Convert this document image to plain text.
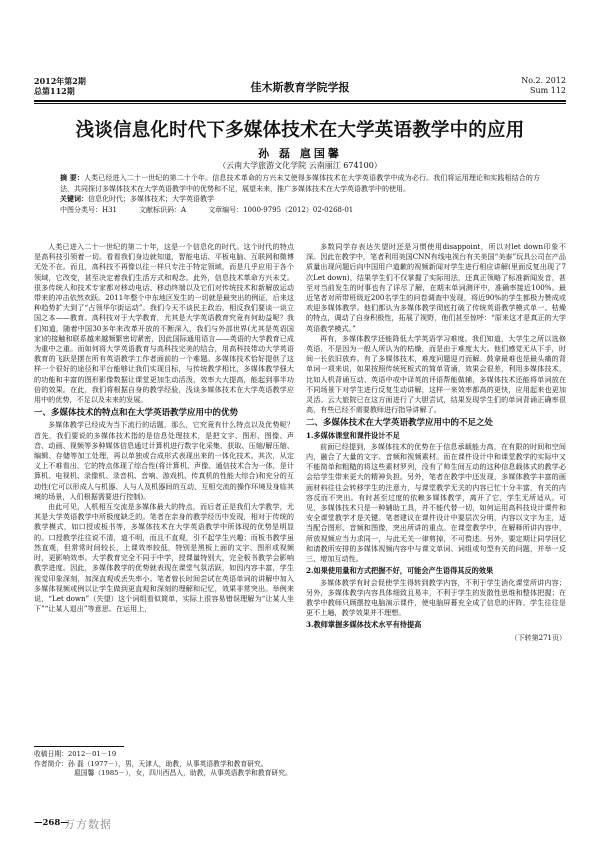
2012年第2期
总第112期	佳木斯教育学院学报
No.2. 2012
Sum 112
浅谈信息化时代下多媒体技术在大学英语教学中的应用
孙 磊 扈国馨
（云南大学旅游文化学院 云南丽江 674100）

摘 要：人类已经进入二十一世纪的第二十个年。信息技术革命的方兴未艾使得多媒体技术在大学英语教学中成为必行。我们将运用理论和实践相结合的方法，共同探讨多媒体技术在大学英语教学中的优势和不足，展望未来，推广多媒体技术在大学英语教学中的使用。

关键词：信息化时代；多媒体技术；大学英语教学

中图分类号：H31	文献标识码：A	文章编号：1000-9795（2012）02-0268-01

人类已进入二十一世纪的第二十年，这是一个信息化的时代。这个时代的特点是高科技引领着一切。看看我们身边就知道，智能电话、平板电脑、互联网和微博无处不在。而且，高科技不再像以往一样只专注于特定领域，而是几乎应用于各个领域，它改变，甚至决定着我们生活方式和观念。此外，信息技术革命方兴未艾。很多传统人和技术专家都对移动电话、移动终端以及它们对传统技术和新解放运动带来的冲击依然欢跃。2011年整个中东地区发生的一切就是最突出的例证，后来这种趋势扩大到了“占领华尔街运动”。我们今天不谈民主政治，相反我们要谈一谈立国之本——教育。高科技对于大学教育，尤其是大学英语教育究竟有何助益呢？我们知道，随着中国30多年来改革开放的不断深入，我们与外部世界(尤其是英语国家)的接触和联系越来越频繁密切紧密，因此国际通用语言——英语的大学教育已成为重中之重。而如何将大学英语教育与高科技完美的结合，用高科技带动大学英语教育的飞跃是摆在所有英语教学工作者面前的一个难题。多媒体技术恰好提供了这样一个很好的途径和平台能够让我们实现目标，与传统教学相比，多媒体教学强大的功能和丰富的图形影像数据让课堂更加生动活泼，效率大大提高，能起到事半功倍的效果。在此，我们将根据自身的教学经验，浅谈多媒体技术在大学英语教学应用中的优势，不足以及未来的发展。

一、多媒体技术的特点和在大学英语教学应用中的优势

多媒体教学已经成为当下流行的话题，那么，它究竟有什么特点以及优势呢？首先，我们要说的多媒体技术指的是信息处理技术，是把文字、图形、图像、声音、动画、视频等多种媒体信息通过计算机进行数字化采集、获取、压缩/解压缩、编辑、存储等加工处理，再以单独或合成形式表现出来的一体化技术。其次，从定义上不难看出，它的特点体现了综合性(将计算机、声像、通信技术合为一体，是计算机、电视机、录像机、录音机、音响、游戏机、传真机的性能大综合)和充分的互动性(它可以形成人与机器、人与人及机器间的互动，互相交流的操作环境及身临其境的场景，人们根据需要进行控制)。

由此可见，人机相互交流是多媒体最大的特点，而后者正是我们大学教学，尤其是大学英语教学中所极度缺乏的。笔者在亲身的教学经历中发现，相对于传统的教学模式，如口授或板书等，多媒体技术在大学英语教学中所体现的优势是明显的。口授教学往往说不清，道不明，而且不直观，引不起学生兴趣；而板书教学虽然直观，但常常时间较长，上课效率较低，特别是黑板上面的文字、图形或视频时，更影响效率。大学教育完全不同于中学，授课量特别大，完全板书教学会影响教学进度。因此，多媒体教学的优势就表现在课堂气氛活跃，如因内容丰富，学生视觉印象深刻，加深直观或丢失率小。笔者曾长时间尝试在英语单词的讲解中加入多媒体视频或例以让学生做到更直观和深刻的理解和记忆，效果非常突出。举例来说，“Let down”（失望）这个词组看似简单，实际上很容易错误理解为“让某人坐下”“让某人退出”等意思。在运用上，

多数同学存表达失望时还是习惯使用disappoint，所以对let down印象不深。因此在教学中，笔者利用美国CNN有线电视台有关美国“美泰”玩具公司在产品质量出现问题后向中国用户道歉的视频新闻对学生进行相应讲解(里面反复出现了7次Let down)，结果学生们不仅掌握了实际用法，还真正领略了标准新闻发音，甚至对当前发生的时事也有了详尽了解，在期末单词测评中，准确率接近100%。最近笔者对所带班级近200名学生的问卷调查中发现，将近90%的学生都极力赞成或欢迎多媒体教学。他们都认为多媒体教学彻底打破了传统英语教学模式单一、枯燥的特点，调动了自身积极性，拓展了视野，他们甚至惊呼：“原来这才是真正的大学英语教学模式。”

再有，多媒体教学还能降低大学英语学习难度。我们知道，大学生之所以选修英语，不是因为一般人所认为的枯燥，而是由于难度太大。他们感觉无从下手，时间一长依旧放弃。有了多媒体技术，难度问题迎刃而解。鼓拿最难也是最头痛的背单词一项来说，如果按照传统死板式的简单背诵，效果会很差，利用多媒体技术，比如人机背诵互动、英语中或中译英的评语帮能做辅，多媒体技术还能将单词放在不同场景下对学生进行反复生动讲解，这样一来效率都高的更快，应用起来也更加灵活。云大旅院已在这方面进行了大胆尝试，结果发现学生们的单词背诵正确率很高，有些已经不需要教师进行指导讲解了。

二、多媒体技术在大学英语教学应用中的不足之处
1.多媒体课堂和课件设计不足

前面已经提到，多媒体技术的优势在于信息承载能力高，在有限的时间和空间内，融合了大量的文字、音频和视频素材。而在课件设计中和课堂教学的实际中又不能简单和粗糙的将这些素材罗列，没有了帅生间互动的这种信息载体式的教学必会给学生带来更大的精神负担。另外，笔者在教学中还发现，多媒体教学丰富的画面材料往往会转移学生的注意力，与课堂教学无关的内容已忙十分丰富，有关的内容反而不突出。有时甚至过度的依赖多媒体教学，离开了它，学生无所适从。可见，多媒体技术只是一种辅助工具，并不能代替一切，如何运用高科技设计课件和安全课堂教学才是关键。笔者建议在课件设计中要层次分明，内容以文字为主，适当配合图形、音频和图像，突出所讲的重点。在课堂教学中，在解释所讲内容中，所放视频应当力求同一，与此无关一律剪掉，不可赘述。另外，要定期让同学回忆和请教所安排的多媒体视频内容中与课文单词、词组或句型有关的问题，并举一反三，增加互动性。

2.如果使用量和方式把握不好，可能会产生语得其反的效果

多媒体教学有时会促使学生得转到教学内容，不利于学生消化课堂所讲内容；另外，多媒体教学内容具体细致且易丰，不利于学生的发散性思维和整体把握；在教学中教师只顾摆控电脑演示课件，使电脑屏幕充全成了信息的评阵，学生往往是更不上趟，教学效果并不理想。

3.教师掌握多媒体技术水平有待提高
（下转第271页）

收稿日期：2012－01－19

作者简介：孙 磊（1977－），男，天津人，助教，从事英语教学和教育研究。

扈国馨（1985－），女，四川西昌人，助教，从事英语教学和教育研究。

—268—
万方数据
